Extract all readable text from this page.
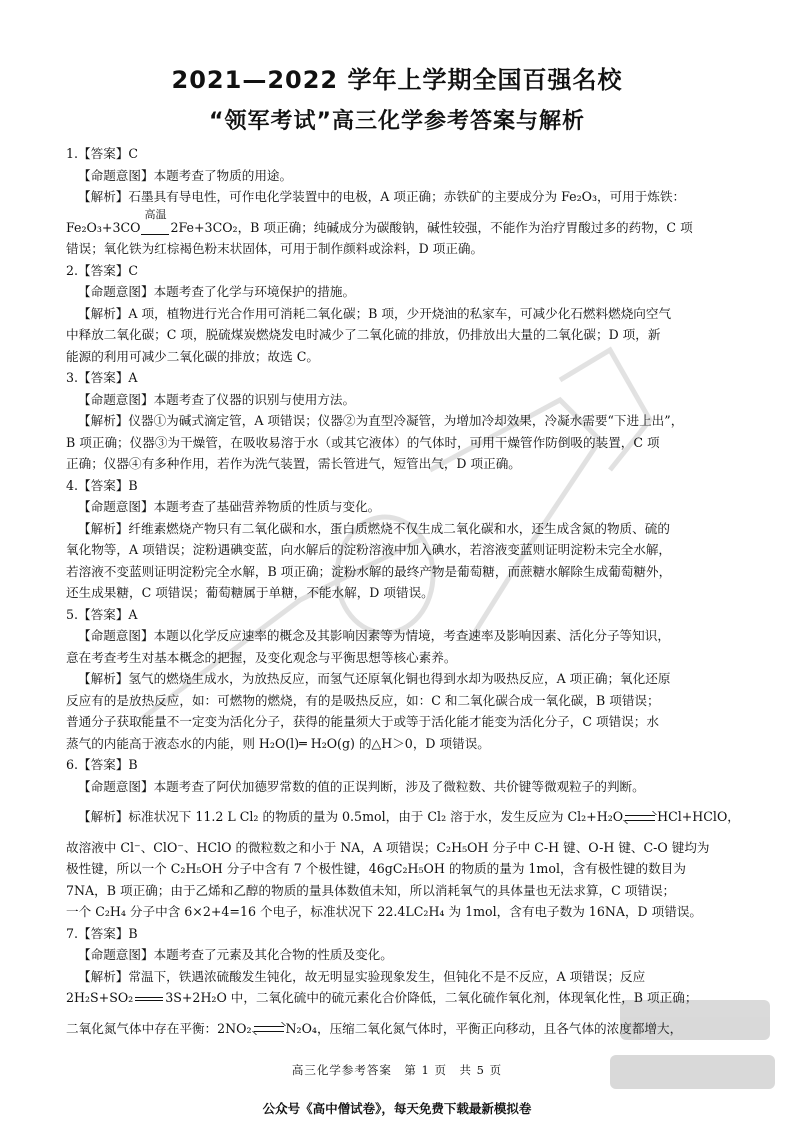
2021—2022 学年上学期全国百强名校
“领军考试”高三化学参考答案与解析

1.【答案】C

【命题意图】本题考查了物质的用途。

【解析】石墨具有导电性，可作电化学装置中的电极，A 项正确；赤铁矿的主要成分为 Fe₂O₃，可用于炼铁：

Fe₂O₃+3CO
高温
2Fe+3CO₂，B 项正确；纯碱成分为碳酸钠，碱性较强，不能作为治疗胃酸过多的药物，C 项

错误；氧化铁为红棕褐色粉末状固体，可用于制作颜料或涂料，D 项正确。

2.【答案】C

【命题意图】本题考查了化学与环境保护的措施。

【解析】A 项，植物进行光合作用可消耗二氧化碳；B 项，少开烧油的私家车，可减少化石燃料燃烧向空气

中释放二氧化碳；C 项，脱硫煤炭燃烧发电时减少了二氧化硫的排放，仍排放出大量的二氧化碳；D 项，新

能源的利用可减少二氧化碳的排放；故选 C。

3.【答案】A

【命题意图】本题考查了仪器的识别与使用方法。

【解析】仪器①为碱式滴定管，A 项错误；仪器②为直型冷凝管，为增加冷却效果，冷凝水需要“下进上出”，

B 项正确；仪器③为干燥管，在吸收易溶于水（或其它液体）的气体时，可用干燥管作防倒吸的装置，C 项

正确；仪器④有多种作用，若作为洗气装置，需长管进气，短管出气，D 项正确。

4.【答案】B

【命题意图】本题考查了基础营养物质的性质与变化。

【解析】纤维素燃烧产物只有二氧化碳和水，蛋白质燃烧不仅生成二氧化碳和水，还生成含氮的物质、硫的

氧化物等，A 项错误；淀粉遇碘变蓝，向水解后的淀粉溶液中加入碘水，若溶液变蓝则证明淀粉未完全水解，

若溶液不变蓝则证明淀粉完全水解，B 项正确；淀粉水解的最终产物是葡萄糖，而蔗糖水解除生成葡萄糖外，

还生成果糖，C 项错误；葡萄糖属于单糖，不能水解，D 项错误。

5.【答案】A

【命题意图】本题以化学反应速率的概念及其影响因素等为情境，考查速率及影响因素、活化分子等知识，

意在考查考生对基本概念的把握，及变化观念与平衡思想等核心素养。

【解析】氢气的燃烧生成水，为放热反应，而氢气还原氧化铜也得到水却为吸热反应，A 项正确；氧化还原

反应有的是放热反应，如：可燃物的燃烧，有的是吸热反应，如：C 和二氧化碳合成一氧化碳，B 项错误；

普通分子获取能量不一定变为活化分子，获得的能量须大于或等于活化能才能变为活化分子，C 项错误；水

蒸气的内能高于液态水的内能，则 H₂O(l)═ H₂O(g) 的△H＞0，D 项错误。

6.【答案】B

【命题意图】本题考查了阿伏加德罗常数的值的正误判断，涉及了微粒数、共价键等微观粒子的判断。

【解析】标准状况下 11.2 L Cl₂ 的物质的量为 0.5mol，由于 Cl₂ 溶于水，发生反应为 Cl₂+H₂O	HCl+HClO，

故溶液中 Cl⁻、ClO⁻、HClO 的微粒数之和小于 NA，A 项错误；C₂H₅OH 分子中 C-H 键、O-H 键、C-O 键均为

极性键，所以一个 C₂H₅OH 分子中含有 7 个极性键，46gC₂H₅OH 的物质的量为 1mol，含有极性键的数目为

7NA，B 项正确；由于乙烯和乙醇的物质的量具体数值未知，所以消耗氧气的具体量也无法求算，C 项错误；

一个 C₂H₄ 分子中含 6×2+4=16 个电子，标准状况下 22.4LC₂H₄ 为 1mol，含有电子数为 16NA，D 项错误。

7.【答案】B

【命题意图】本题考查了元素及其化合物的性质及变化。

【解析】常温下，铁遇浓硫酸发生钝化，故无明显实验现象发生，但钝化不是不反应，A 项错误；反应

2H₂S+SO₂	3S+2H₂O 中，二氧化硫中的硫元素化合价降低，二氧化硫作氧化剂，体现氧化性，B 项正确；

二氧化氮气体中存在平衡：2NO₂	N₂O₄，压缩二氧化氮气体时，平衡正向移动，且各气体的浓度都增大，

高三化学参考答案　第 1 页　共 5 页
公众号《高中僧试卷》，每天免费下载最新模拟卷
